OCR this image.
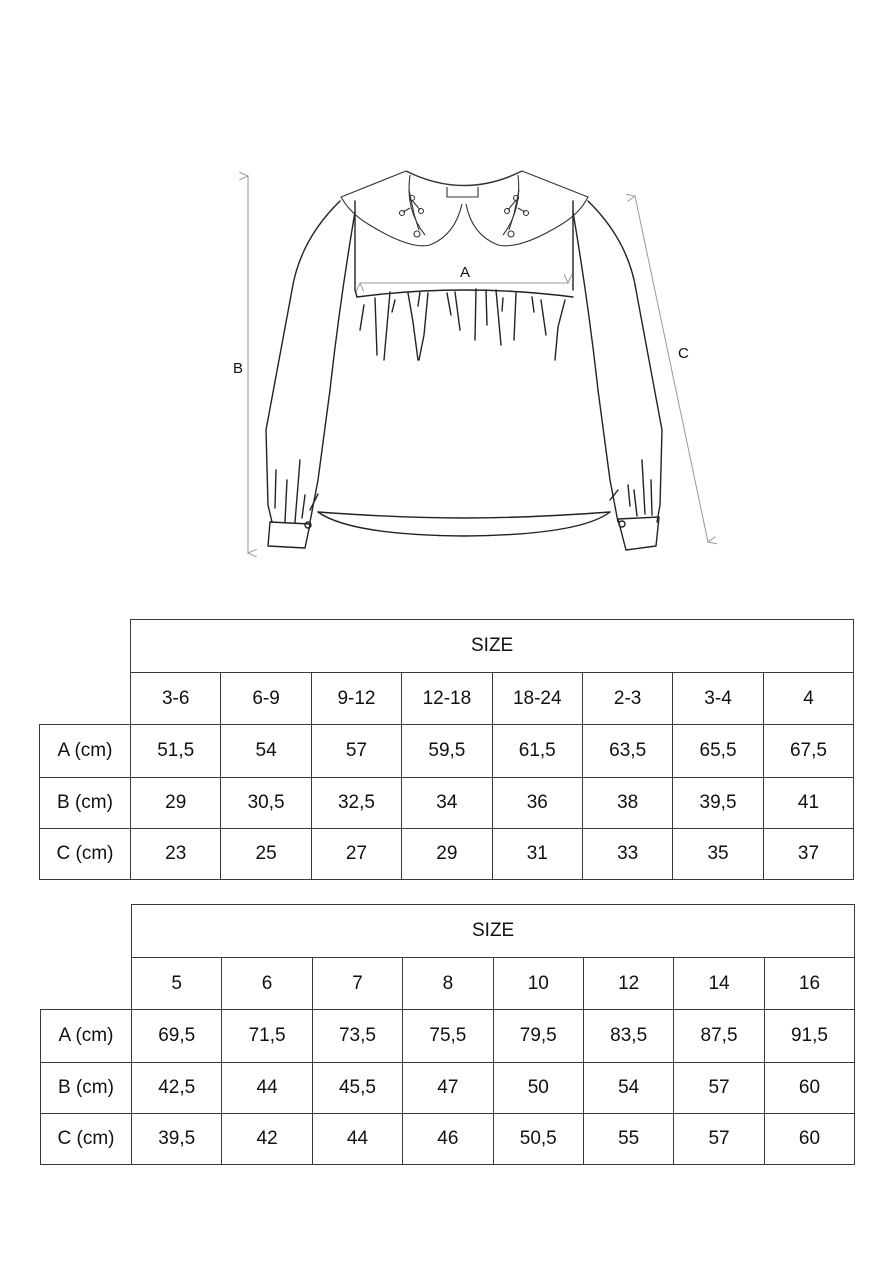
A
B
C
	SIZE							
	3-6	6-9	9-12	12-18	18-24	2-3	3-4	4
A (cm)	51,5	54	57	59,5	61,5	63,5	65,5	67,5
B (cm)	29	30,5	32,5	34	36	38	39,5	41
C (cm)	23	25	27	29	31	33	35	37
	SIZE							
	5	6	7	8	10	12	14	16
A (cm)	69,5	71,5	73,5	75,5	79,5	83,5	87,5	91,5
B (cm)	42,5	44	45,5	47	50	54	57	60
C (cm)	39,5	42	44	46	50,5	55	57	60
